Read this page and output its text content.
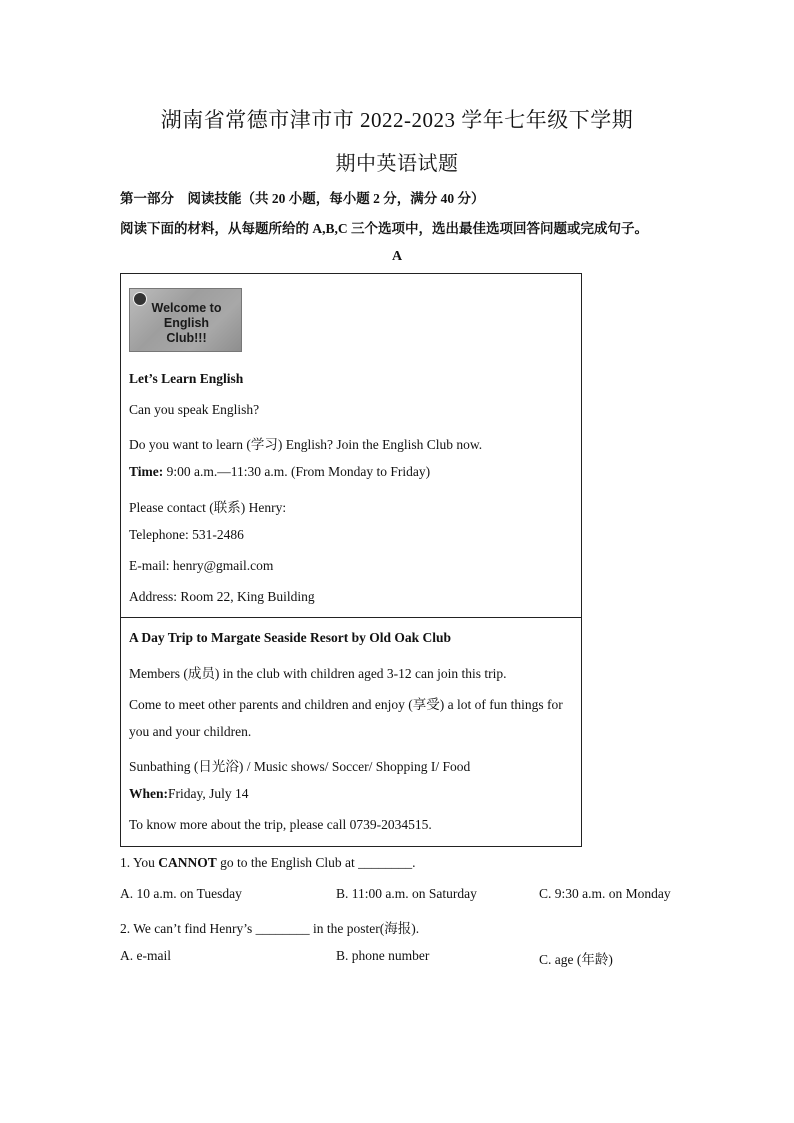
湖南省常德市津市市 2022-2023 学年七年级下学期
期中英语试题
第一部分　阅读技能（共 20 小题，每小题 2 分，满分 40 分）
阅读下面的材料，从每题所给的 A,B,C 三个选项中，选出最佳选项回答问题或完成句子。
A
Welcome to
English
Club!!!
Let’s Learn English
Can you speak English?
Do you want to learn (学习) English? Join the English Club now.
Time: 9:00 a.m.—11:30 a.m. (From Monday to Friday)
Please contact (联系) Henry:
Telephone: 531-2486
E-mail: henry@gmail.com
Address: Room 22, King Building
A Day Trip to Margate Seaside Resort by Old Oak Club
Members (成员) in the club with children aged 3-12 can join this trip.
Come to meet other parents and children and enjoy (享受) a lot of fun things for
you and your children.
Sunbathing (日光浴) / Music shows/ Soccer/ Shopping I/ Food
When:Friday, July 14
To know more about the trip, please call 0739-2034515.
1. You CANNOT go to the English Club at ________.
A. 10 a.m. on Tuesday	B. 11:00 a.m. on Saturday	C. 9:30 a.m. on Monday
2. We can’t find Henry’s ________ in the poster(海报).
A. e-mail	B. phone number	C. age (年龄)
